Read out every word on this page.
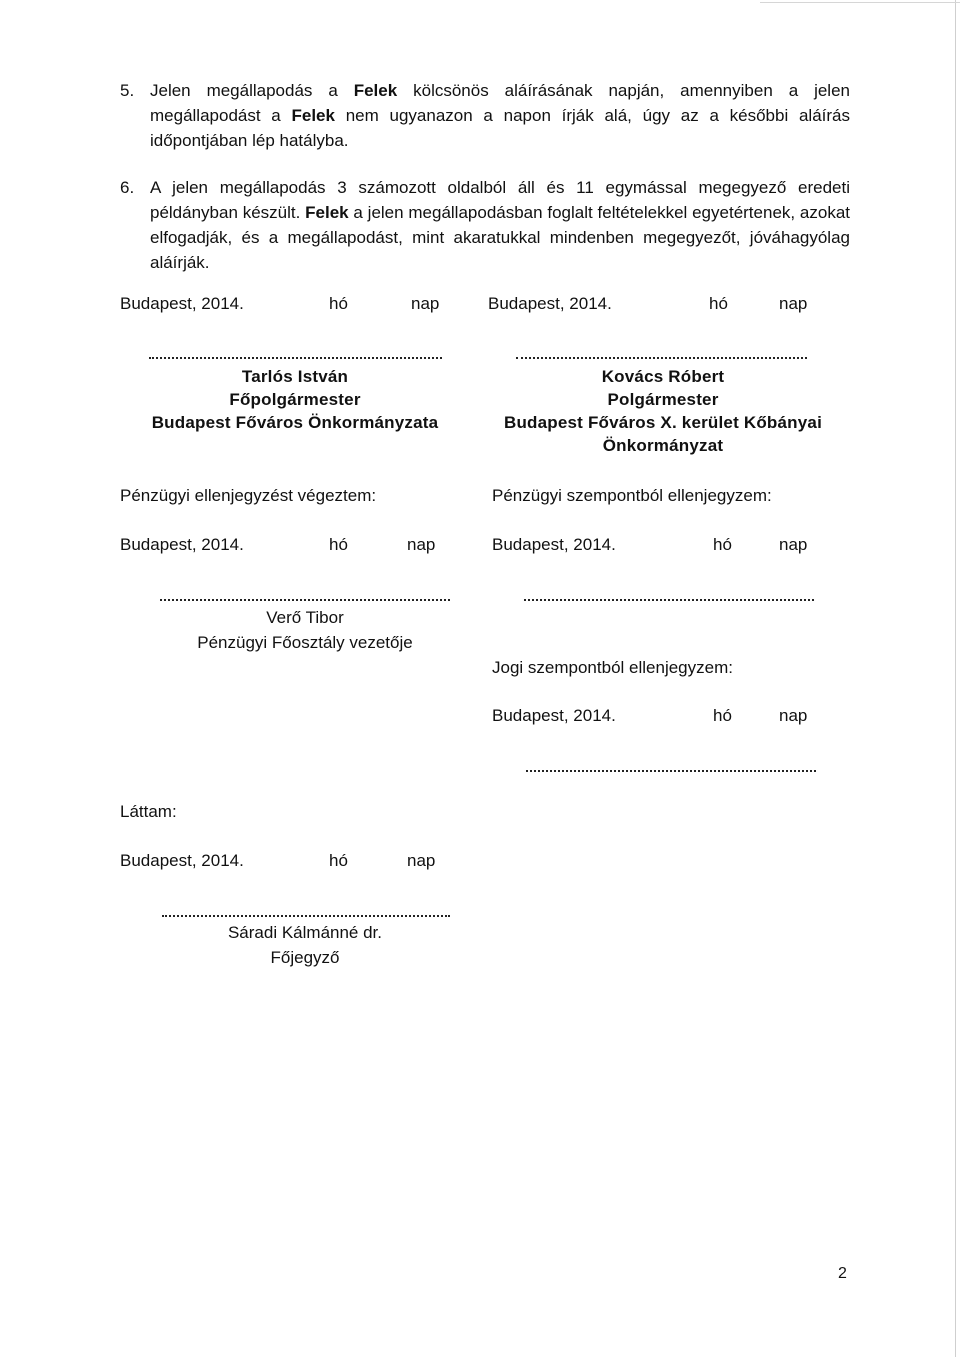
5. Jelen megállapodás a Felek kölcsönös aláírásának napján, amennyiben a jelen megállapodást a Felek nem ugyanazon a napon írják alá, úgy az a későbbi aláírás időpontjában lép hatályba.
6. A jelen megállapodás 3 számozott oldalból áll és 11 egymással megegyező eredeti példányban készült. Felek a jelen megállapodásban foglalt feltételekkel egyetértenek, azokat elfogadják, és a megállapodást, mint akaratukkal mindenben megegyezőt, jóváhagyólag aláírják.
Budapest, 2014.	hó	nap	Budapest, 2014.	hó	nap
Tarlós István
Főpolgármester
Budapest Főváros Önkormányzata
Kovács Róbert
Polgármester
Budapest Főváros X. kerület Kőbányai
Önkormányzat
Pénzügyi ellenjegyzést végeztem:	Pénzügyi szempontból ellenjegyzem:
Budapest, 2014.	hó	nap	Budapest, 2014.	hó	nap
Verő Tibor
Pénzügyi Főosztály vezetője
Jogi szempontból ellenjegyzem:
Budapest, 2014.	hó	nap
Láttam:
Budapest, 2014.	hó	nap
Sáradi Kálmánné dr.
Főjegyző
2
